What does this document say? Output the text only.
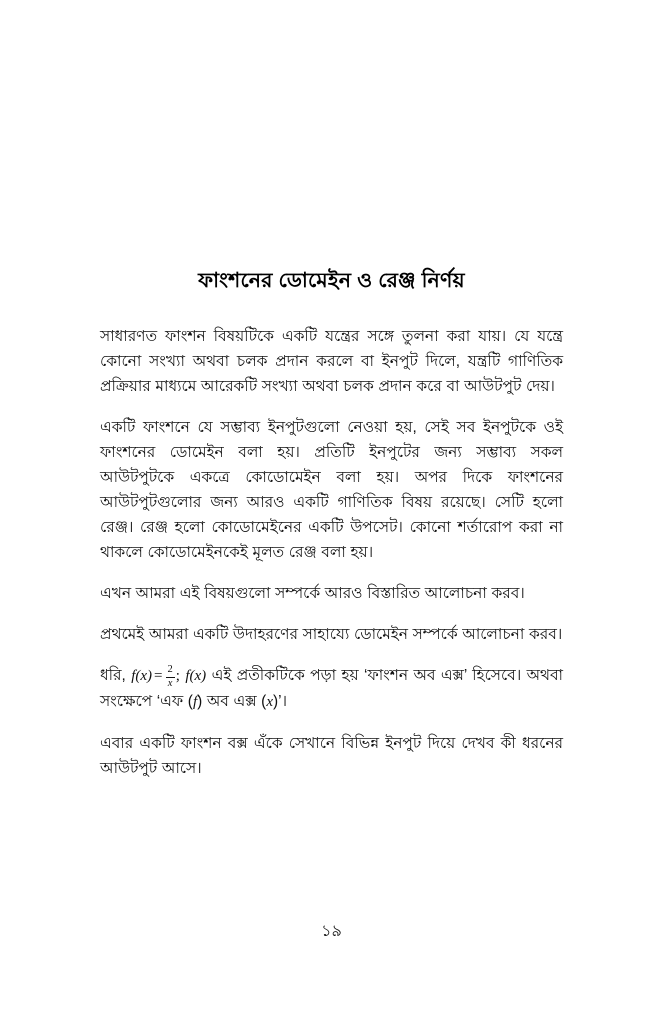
ফাংশনের ডোমেইন ও রেঞ্জ নির্ণয়

সাধারণত ফাংশন বিষয়টিকে একটি যন্ত্রের সঙ্গে তুলনা করা যায়। যে যন্ত্রে কোনো সংখ্যা অথবা চলক প্রদান করলে বা ইনপুট দিলে, যন্ত্রটি গাণিতিক প্রক্রিয়ার মাধ্যমে আরেকটি সংখ্যা অথবা চলক প্রদান করে বা আউটপুট দেয়।

একটি ফাংশনে যে সম্ভাব্য ইনপুটগুলো নেওয়া হয়, সেই সব ইনপুটকে ওই ফাংশনের ডোমেইন বলা হয়। প্রতিটি ইনপুটের জন্য সম্ভাব্য সকল আউটপুটকে একত্রে কোডোমেইন বলা হয়। অপর দিকে ফাংশনের আউটপুটগুলোর জন্য আরও একটি গাণিতিক বিষয় রয়েছে। সেটি হলো রেঞ্জ। রেঞ্জ হলো কোডোমেইনের একটি উপসেট। কোনো শর্তারোপ করা না থাকলে কোডোমেইনকেই মূলত রেঞ্জ বলা হয়।

এখন আমরা এই বিষয়গুলো সম্পর্কে আরও বিস্তারিত আলোচনা করব।

প্রথমেই আমরা একটি উদাহরণের সাহায্যে ডোমেইন সম্পর্কে আলোচনা করব।

ধরি, $f(x) = \frac{2}{x}$ ; f(x) এই প্রতীকটিকে পড়া হয় ‘ফাংশন অব এক্স’ হিসেবে। অথবা সংক্ষেপে ‘এফ (f) অব এক্স (x)’।

এবার একটি ফাংশন বক্স এঁকে সেখানে বিভিন্ন ইনপুট দিয়ে দেখব কী ধরনের আউটপুট আসে।

১৯
